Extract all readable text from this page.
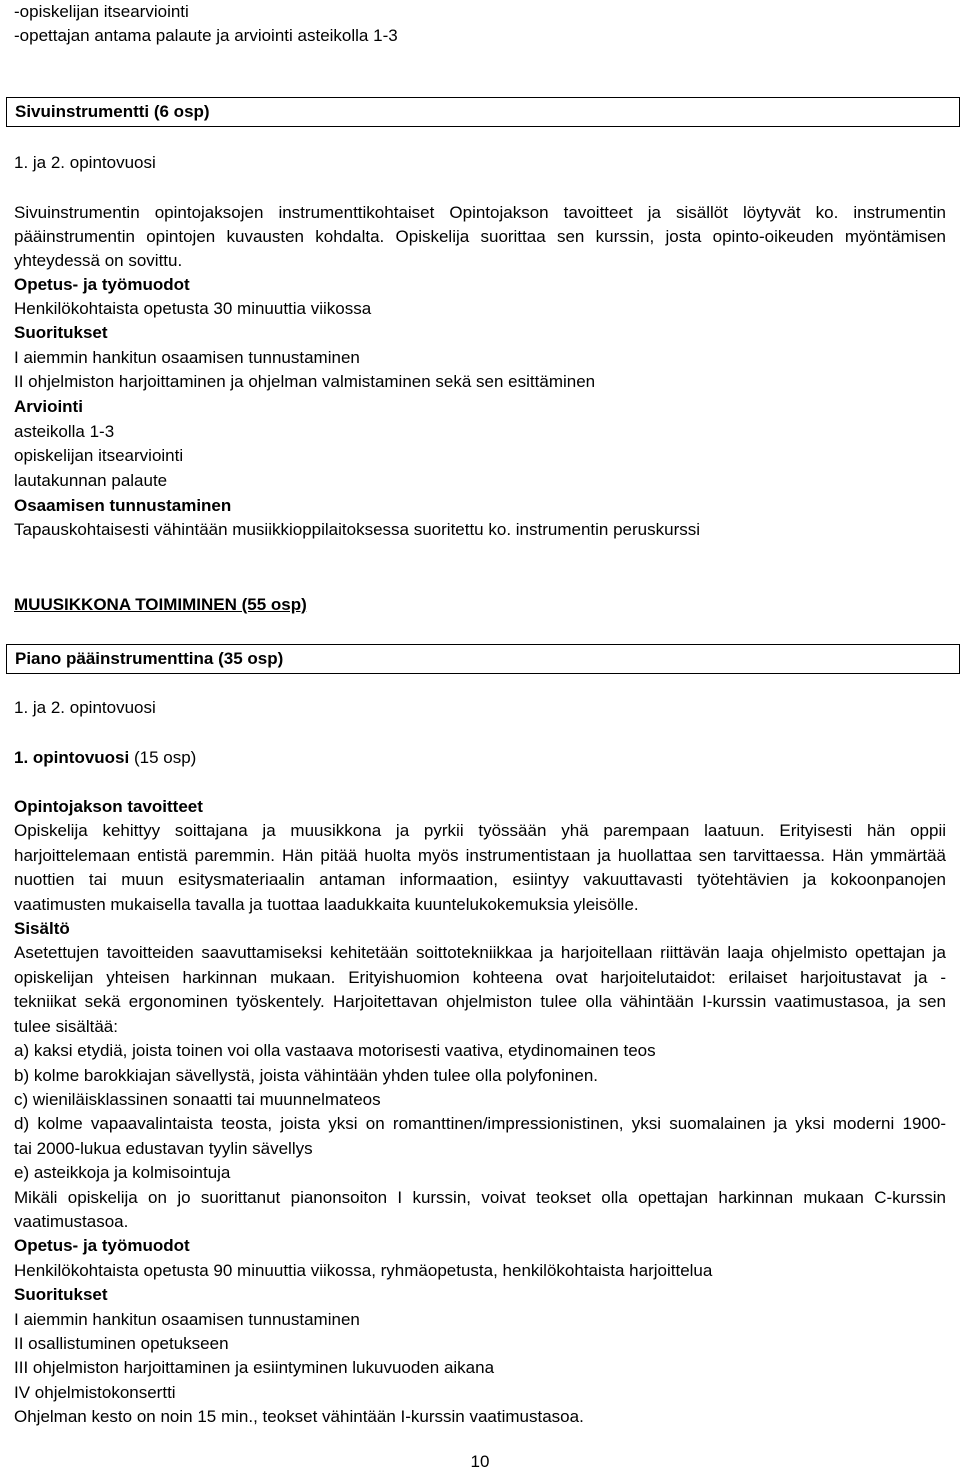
-opiskelijan itsearviointi
-opettajan antama palaute ja arviointi asteikolla 1-3
Sivuinstrumentti (6 osp)
1. ja 2. opintovuosi
Sivuinstrumentin opintojaksojen instrumenttikohtaiset Opintojakson tavoitteet ja sisällöt löytyvät ko. instrumentin
pääinstrumentin opintojen kuvausten kohdalta. Opiskelija suorittaa sen kurssin, josta opinto-oikeuden myöntämisen
yhteydessä on sovittu.
Opetus- ja työmuodot
Henkilökohtaista opetusta 30 minuuttia viikossa
Suoritukset
I aiemmin hankitun osaamisen tunnustaminen
II ohjelmiston harjoittaminen ja ohjelman valmistaminen sekä sen esittäminen
Arviointi
asteikolla 1-3
opiskelijan itsearviointi
lautakunnan palaute
Osaamisen tunnustaminen
Tapauskohtaisesti vähintään musiikkioppilaitoksessa suoritettu ko. instrumentin peruskurssi
MUUSIKKONA TOIMIMINEN (55 osp)
Piano pääinstrumenttina (35 osp)
1. ja 2. opintovuosi
1. opintovuosi (15 osp)
Opintojakson tavoitteet
Opiskelija kehittyy soittajana ja muusikkona ja pyrkii työssään yhä parempaan laatuun. Erityisesti hän oppii
harjoittelemaan entistä paremmin. Hän pitää huolta myös instrumentistaan ja huollattaa sen tarvittaessa. Hän ymmärtää
nuottien tai muun esitysmateriaalin antaman informaation, esiintyy vakuuttavasti työtehtävien ja kokoonpanojen
vaatimusten mukaisella tavalla ja tuottaa laadukkaita kuuntelukokemuksia yleisölle.
Sisältö
Asetettujen tavoitteiden saavuttamiseksi kehitetään soittotekniikkaa ja harjoitellaan riittävän laaja ohjelmisto opettajan ja
opiskelijan yhteisen harkinnan mukaan. Erityishuomion kohteena ovat harjoitelutaidot: erilaiset harjoitustavat ja -
tekniikat sekä ergonominen työskentely. Harjoitettavan ohjelmiston tulee olla vähintään I-kurssin vaatimustasoa, ja sen
tulee sisältää:
a) kaksi etydiä, joista toinen voi olla vastaava motorisesti vaativa, etydinomainen teos
b) kolme barokkiajan sävellystä, joista vähintään yhden tulee olla polyfoninen.
c) wieniläisklassinen sonaatti tai muunnelmateos
d) kolme vapaavalintaista teosta, joista yksi on romanttinen/impressionistinen, yksi suomalainen ja yksi moderni 1900-
tai 2000-lukua edustavan tyylin sävellys
e) asteikkoja ja kolmisointuja
Mikäli opiskelija on jo suorittanut pianonsoiton I kurssin, voivat teokset olla opettajan harkinnan mukaan C-kurssin
vaatimustasoa.
Opetus- ja työmuodot
Henkilökohtaista opetusta 90 minuuttia viikossa, ryhmäopetusta, henkilökohtaista harjoittelua
Suoritukset
I aiemmin hankitun osaamisen tunnustaminen
II osallistuminen opetukseen
III ohjelmiston harjoittaminen ja esiintyminen lukuvuoden aikana
IV ohjelmistokonsertti
Ohjelman kesto on noin 15 min., teokset vähintään I-kurssin vaatimustasoa.
10
